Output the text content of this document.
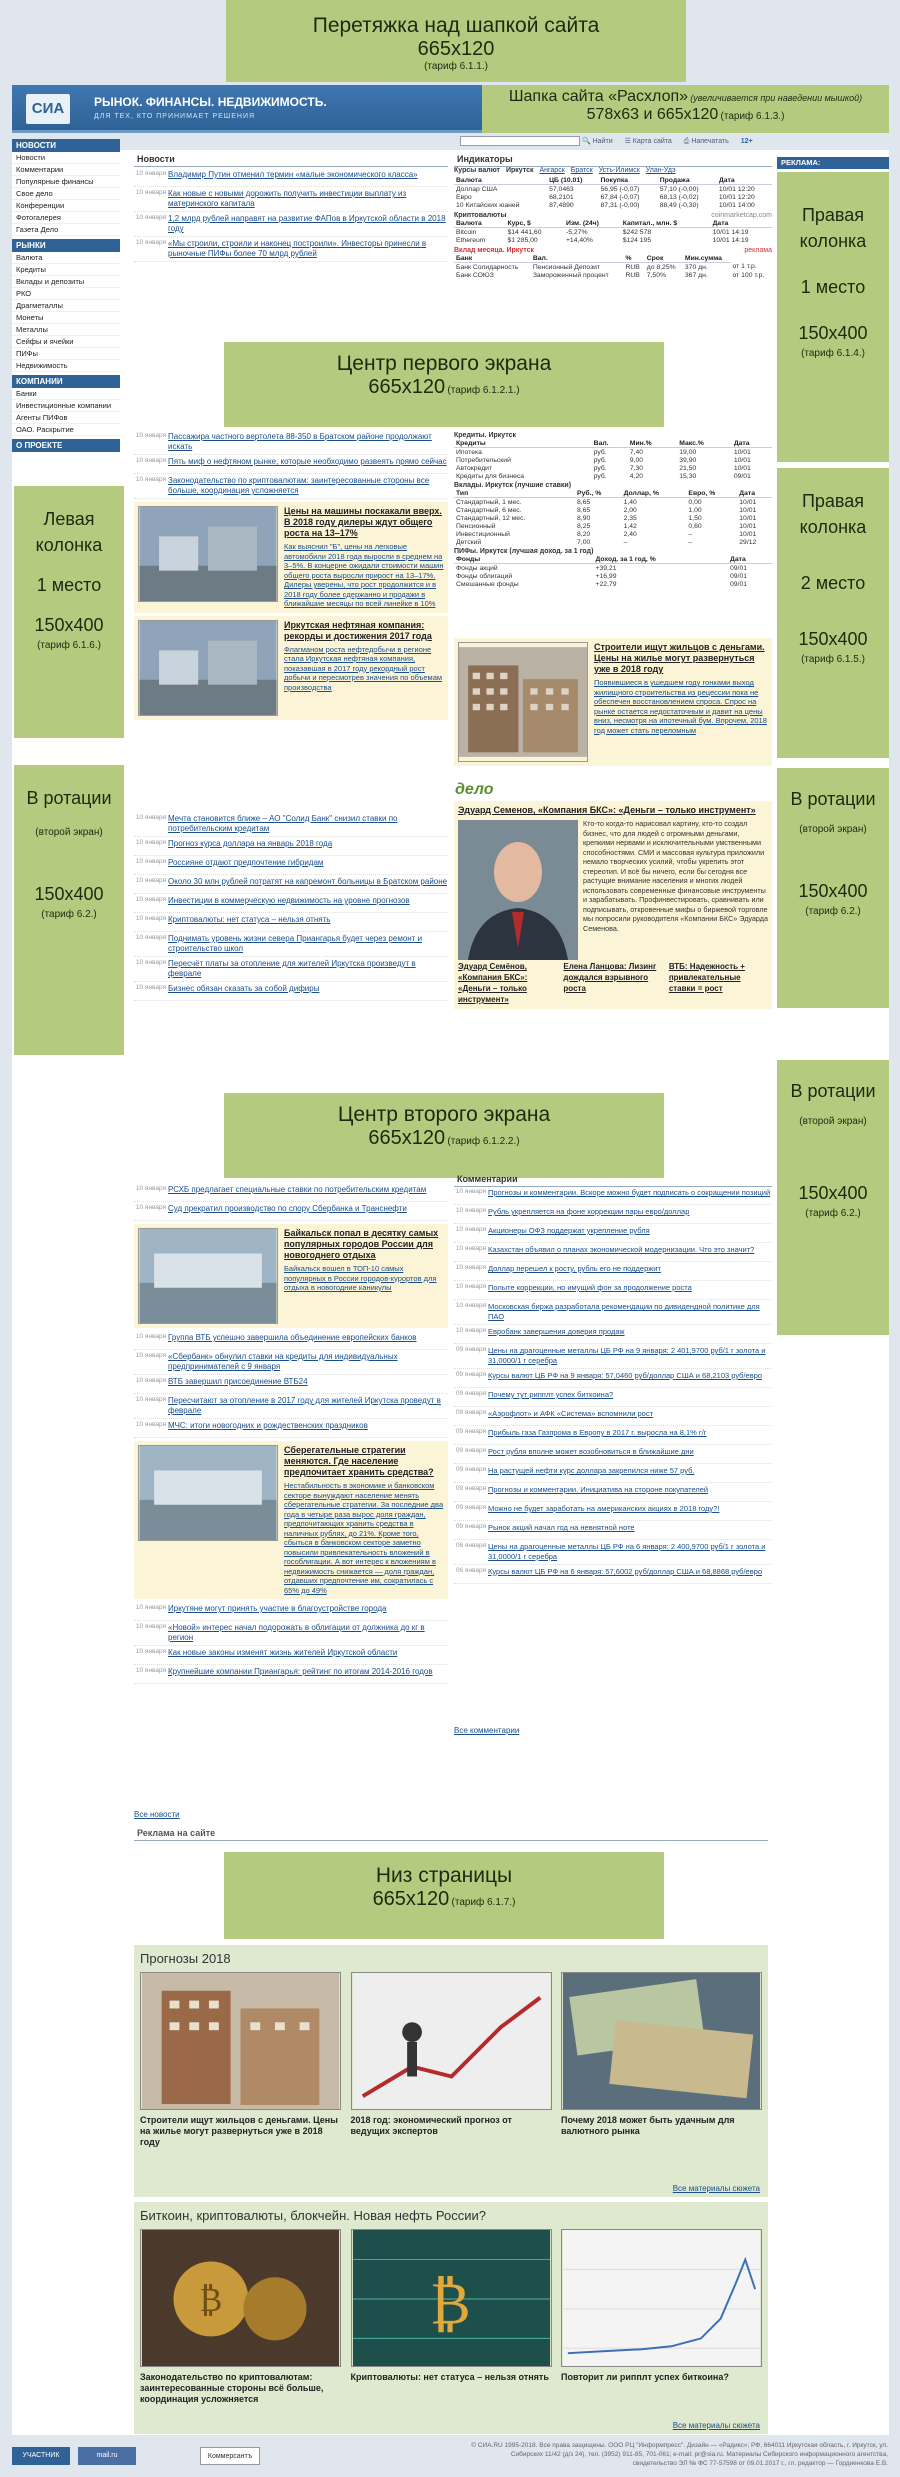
Перетяжка над шапкой сайта
665x120
(тариф 6.1.1.)
СИА	РЫНОК. ФИНАНСЫ. НЕДВИЖИМОСТЬ.
ДЛЯ ТЕХ, КТО ПРИНИМАЕТ РЕШЕНИЯ
Шапка сайта «Расхлоп» (увеличивается при наведении мышкой)
578x63 и 665x120 (тариф 6.1.3.)
🔍 Найти ☰ Карта сайта ⎙ Напечатать 12+
НОВОСТИ
Новости
Комментарии
Популярные финансы
Свое дело
Конференции
Фотогалерея
Газета Дело
РЫНКИ
Валюта
Кредиты
Вклады и депозиты
РКО
Драгметаллы
Монеты
Металлы
Сейфы и ячейки
ПИФы
Недвижимость
КОМПАНИИ
Банки
Инвестиционные компании
Агенты ПИФов
ОАО. Раскрытие
О ПРОЕКТЕ
Левая колонка
1 место
150x400
(тариф 6.1.6.)
В ротации
(второй экран)
150x400
(тариф 6.2.)
РЕКЛАМА:
Правая колонка
1 место
150x400
(тариф 6.1.4.)
Правая колонка
2 место
150x400
(тариф 6.1.5.)
В ротации
(второй экран)
150x400
(тариф 6.2.)
В ротации
(второй экран)
150x400
(тариф 6.2.)
Новости	Индикаторы
10 января Владимир Путин отменил термин «малые экономического класса»
10 января Как новые с новыми дорожить получить инвестиции выплату из материнского капитала
10 января 1,2 млрд рублей направят на развитие ФАПов в Иркутской области в 2018 году
10 января «Мы строили, строили и наконец построили». Инвесторы принесли в рыночные ПИФы более 70 млрд рублей
Курсы валют Иркутск Ангарск Братск Усть-Илимск Улан-Удэ
Валюта	ЦБ (10.01)	Покупка	Продажа	Дата
Доллар США	57,0463	56,95 (-0,07)	57,10 (-0,00)	10/01 12:20
Евро	68,2101	67,84 (-0,07)	68,13 (-0,02)	10/01 12:20
10 Китайских юаней	87,4890	87,31 (-0,00)	88,49 (-0,30)	10/01 14:00
Криптовалюты	coinmarketcap.com
Валюта	Курс, $	Изм. (24ч)	Капитал., млн. $	Дата
Bitcoin	$14 441,60	-5,27%	$242 578	10/01 14:19
Ethereum	$1 285,00	+14,40%	$124 195	10/01 14:19
Вклад месяца. Иркутск	реклама
Банк	Вал.	%	Срок	Мин.сумма	
Банк Солидарность	Пенсионный Депозит	RUB	до 8,25%	370 дн.	от 1 т.р.
Банк СОЮЗ	Замороженный процент	RUB	7,50%	367 дн.	от 100 т.р.
Центр первого экрана
665x120 (тариф 6.1.2.1.)
10 января Пассажира частного вертолета 88-350 в Братском районе продолжают искать
10 января Пять миф о нефтяном рынке, которые необходимо развеять прямо сейчас
10 января Законодательство по криптовалютам: заинтересованные стороны все больше, координация усложняется
Цены на машины поскакали вверх. В 2018 году дилеры ждут общего роста на 13–17%
Как выяснил "Б", цены на легковые автомобили 2018 года выросли в среднем на 3–5%. В концерне ожидали стоимости машин общего роста выросли прирост на 13–17%. Дилеры уверены, что рост продолжится и в 2018 году более сдержанно и продажи в ближайшие месяцы по всей линейке в 10%
Иркутская нефтяная компания: рекорды и достижения 2017 года
Флагманом роста нефтедобычи в регионе стала Иркутская нефтяная компания, показавшая в 2017 году рекордный рост добычи и пересмотрев значения по объемам производства
Кредиты. Иркутск
Кредиты	Вал.	Мин.%	Макс.%	Дата
Ипотека	руб.	7,40	19,00	10/01
Потребительский	руб.	9,00	39,90	10/01
Автокредит	руб.	7,30	21,50	10/01
Кредиты для бизнеса	руб.	4,20	15,30	09/01
Вклады. Иркутск (лучшие ставки)
Тип	Руб., %	Доллар, %	Евро, %	Дата
Стандартный, 1 мес.	8,65	1,40	0,00	10/01
Стандартный, 6 мес.	8,65	2,00	1,00	10/01
Стандартный, 12 мес.	8,90	2,35	1,50	10/01
Пенсионный	8,25	1,42	0,60	10/01
Инвестиционный	8,20	2,40	–	10/01
Детский	7,00	–	–	29/12
ПИФы. Иркутск (лучшая доход. за 1 год)
Фонды	Доход. за 1 год, %	Дата
Фонды акций	+39,21	09/01
Фонды облигаций	+16,99	09/01
Смешанные фонды	+22,79	09/01
Строители ищут жильцов с деньгами. Цены на жилье могут развернуться уже в 2018 году
Появившиеся в ушедшем году гонками выход жилищного строительства из рецессии пока не обеспечен восстановлением спроса. Спрос на рынке остается недостаточным и давит на цены вниз, несмотря на ипотечный бум. Впрочем, 2018 год может стать переломным
дело
Эдуард Семенов, «Компания БКС»: «Деньги – только инструмент»
Кто-то когда-то нарисовал картину, кто-то создал бизнес, что для людей с огромными деньгами, крепкими нервами и исключительными умственными способностями. СМИ и массовая культура приложили немало творческих усилий, чтобы укрепить этот стереотип. И всё бы ничего, если бы сегодня все растущие внимание населения и многих людей использовать современные финансовые инструменты и зарабатывать. Профинвестировать, сравнивать или подписывать, откровенные мифы о биржевой торговле мы попросили руководителя «Компании БКС» Эдуарда Семенова.
Эдуард Семёнов, «Компания БКС»: «Деньги – только инструмент»
Елена Ланцова: Лизинг дождался взрывного роста
ВТБ: Надежность + привлекательные ставки = рост
10 января Мечта становится ближе – АО "Солид Банк" снизил ставки по потребительским кредитам
10 января Прогноз курса доллара на январь 2018 года
10 января Россияне отдают предпочтение гибридам
10 января Около 30 млн рублей потратят на капремонт больницы в Братском районе
10 января Инвестиции в коммерческую недвижимость на уровне прогнозов
10 января Криптовалюты: нет статуса – нельзя отнять
10 января Поднимать уровень жизни севера Приангарья будет через ремонт и строительство школ
10 января Пересчёт платы за отопление для жителей Иркутска произведут в феврале
10 января Бизнес обязан сказать за собой дифиры
Центр второго экрана
665x120 (тариф 6.1.2.2.)
10 января РСХБ предлагает специальные ставки по потребительским кредитам
10 января Суд прекратил производство по спору Сбербанка и Транснефти
Байкальск попал в десятку самых популярных городов России для новогоднего отдыха
Байкальск вошел в ТОП-10 самых популярных в России городов-курортов для отдыха в новогодние каникулы
10 января Группа ВТБ успешно завершила объединение европейских банков
10 января «Сбербанк» обнулил ставки на кредиты для индивидуальных предпринимателей с 9 января
10 января ВТБ завершил присоединение ВТБ24
10 января Пересчитают за отопление в 2017 году для жителей Иркутска проведут в феврале
10 января МЧС: итоги новогодних и рождественских праздников
Сберегательные стратегии меняются. Где население предпочитает хранить средства?
Нестабильность в экономике и банковском секторе вынуждают население менять сберегательные стратегии. За последние два года в четыре раза вырос доля граждан, предпочитающих хранить средства в наличных рублях, до 21%. Кроме того, сбыться в банковском секторе заметно повысили привлекательность вложений в гособлигации. А вот интерес к вложениям в недвижимость снижается — доля граждан, отдавших предпочтение им, сократилась с 65% до 49%
10 января Иркутяне могут принять участие в благоустройстве города
10 января «Новой» интерес начал подорожать в облигации от должника до кг в регион
10 января Как новые законы изменят жизнь жителей Иркутской области
10 января Крупнейшие компании Приангарья: рейтинг по итогам 2014-2016 годов
Комментарии
10 января Прогнозы и комментарии. Вскоре можно будет подписать о сокращении позиций
10 января Рубль укрепляется на фоне коррекции пары евро/доллар
10 января Акционеры ОФЗ поддержат укрепление рубля
10 января Казахстан объявил о планах экономической модернизации. Что это значит?
10 января Доллар перешел к росту, рубль его не поддержит
10 января Полыте коррекции, но имущий фон за продолжение роста
10 января Московская биржа разработала рекомендации по дивидендной политике для ПАО
10 января Евробанк завершения доверия продаж
09 января Цены на драгоценные металлы ЦБ РФ на 9 января: 2 401,9700 руб/1 г золота и 31,0000/1 г серебра
09 января Курсы валют ЦБ РФ на 9 января: 57,0460 руб/доллар США и 68,2103 руб/евро
09 января Почему тут рипплт успех биткоина?
09 января «Аэрофлот» и АФК «Система» вспомнили рост
09 января Прибыль газа Газпрома в Европу в 2017 г. выросла на 8,1% г/г
09 января Рост рубля вполне может возобновиться в ближайшие дни
09 января На растущей нефти курс доллара закрепился ниже 57 руб.
09 января Прогнозы и комментарии. Инициатива на стороне покупателей
09 января Можно не будет заработать на американских акциях в 2018 году?!
09 января Рынок акций начал год на невнятной ноте
06 января Цены на драгоценные металлы ЦБ РФ на 6 января: 2 400,9700 руб/1 г золота и 31,0000/1 г серебра
06 января Курсы валют ЦБ РФ на 6 января: 57,6002 руб/доллар США и 68,8868 руб/евро
Все комментарии
Все новости
Реклама на сайте
Низ страницы
665x120 (тариф 6.1.7.)
Прогнозы 2018
Строители ищут жильцов с деньгами. Цены на жилье могут развернуться уже в 2018 году
2018 год: экономический прогноз от ведущих экспертов
Почему 2018 может быть удачным для валютного рынка
Все материалы сюжета
Биткоин, криптовалюты, блокчейн. Новая нефть России?
₿
Законодательство по криптовалютам: заинтересованные стороны всё больше, координация усложняется
₿
Криптовалюты: нет статуса – нельзя отнять Повторит ли рипплт успех биткоина?
Все материалы сюжета
УЧАСТНИК	mail.ru	Коммерсантъ
© СИА.RU 1995-2018. Все права защищены. ООО РЦ "Информпресс". Дизайн — «Радикс»; РФ, 664011 Иркутская область, г. Иркутск, ул. Сибирских 11/42 (д/з 24), тел. (3952) 911-85, 701-061; e-mail: pr@sia.ru. Материалы Сибирского информационного агентства, свидетельство ЭЛ № ФС 77-57598 от 09.01.2017 г., гл. редактор — Гордиенкова Е.В.
